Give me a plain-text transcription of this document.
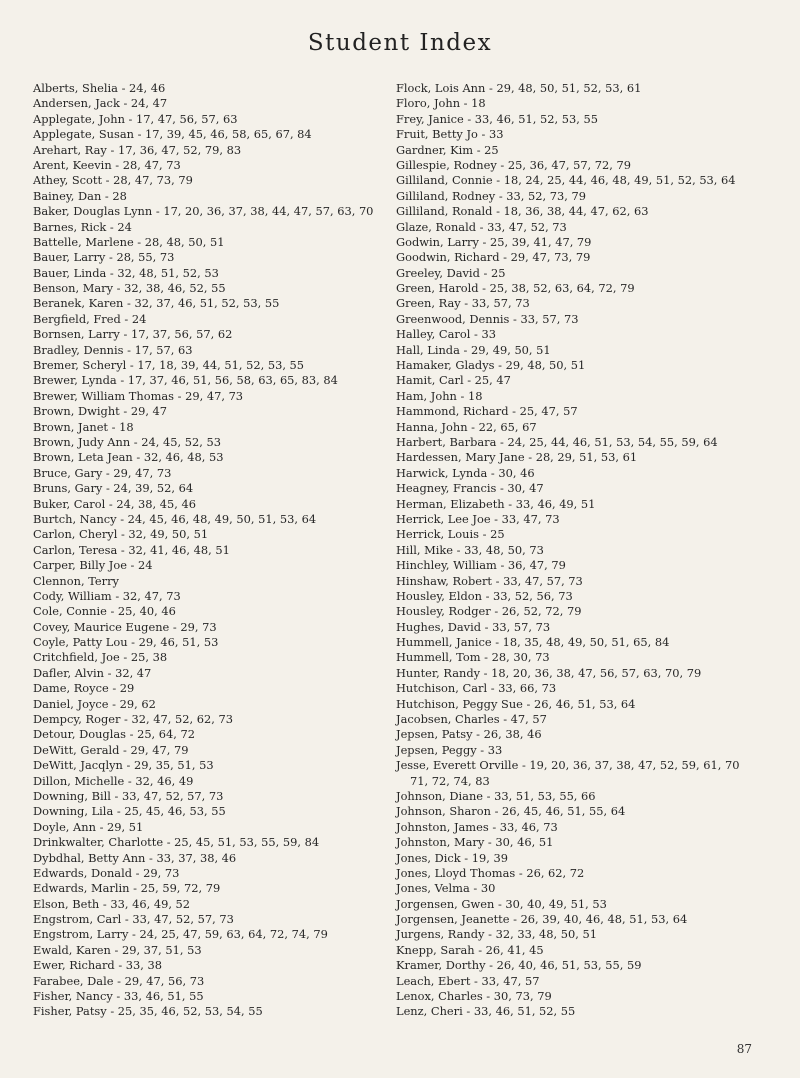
Student Index
Alberts, Shelia - 24, 46
Andersen, Jack - 24, 47
Applegate, John - 17, 47, 56, 57, 63
Applegate, Susan - 17, 39, 45, 46, 58, 65, 67, 84
Arehart, Ray - 17, 36, 47, 52, 79, 83
Arent, Keevin - 28, 47, 73
Athey, Scott - 28, 47, 73, 79
Bainey, Dan - 28
Baker, Douglas Lynn - 17, 20, 36, 37, 38, 44, 47, 57, 63, 70
Barnes, Rick - 24
Battelle, Marlene - 28, 48, 50, 51
Bauer, Larry - 28, 55, 73
Bauer, Linda - 32, 48, 51, 52, 53
Benson, Mary - 32, 38, 46, 52, 55
Beranek, Karen - 32, 37, 46, 51, 52, 53, 55
Bergfield, Fred - 24
Bornsen, Larry - 17, 37, 56, 57, 62
Bradley, Dennis - 17, 57, 63
Bremer, Scheryl - 17, 18, 39, 44, 51, 52, 53, 55
Brewer, Lynda - 17, 37, 46, 51, 56, 58, 63, 65, 83, 84
Brewer, William Thomas - 29, 47, 73
Brown, Dwight - 29, 47
Brown, Janet - 18
Brown, Judy Ann - 24, 45, 52, 53
Brown, Leta Jean - 32, 46, 48, 53
Bruce, Gary - 29, 47, 73
Bruns, Gary - 24, 39, 52, 64
Buker, Carol - 24, 38, 45, 46
Burtch, Nancy - 24, 45, 46, 48, 49, 50, 51, 53, 64
Carlon, Cheryl - 32, 49, 50, 51
Carlon, Teresa - 32, 41, 46, 48, 51
Carper, Billy Joe - 24
Clennon, Terry
Cody, William - 32, 47, 73
Cole, Connie - 25, 40, 46
Covey, Maurice Eugene - 29, 73
Coyle, Patty Lou - 29, 46, 51, 53
Critchfield, Joe - 25, 38
Dafler, Alvin - 32, 47
Dame, Royce - 29
Daniel, Joyce - 29, 62
Dempcy, Roger - 32, 47, 52, 62, 73
Detour, Douglas - 25, 64, 72
DeWitt, Gerald - 29, 47, 79
DeWitt, Jacqlyn - 29, 35, 51, 53
Dillon, Michelle - 32, 46, 49
Downing, Bill - 33, 47, 52, 57, 73
Downing, Lila - 25, 45, 46, 53, 55
Doyle, Ann - 29, 51
Drinkwalter, Charlotte - 25, 45, 51, 53, 55, 59, 84
Dybdhal, Betty Ann - 33, 37, 38, 46
Edwards, Donald - 29, 73
Edwards, Marlin - 25, 59, 72, 79
Elson, Beth - 33, 46, 49, 52
Engstrom, Carl - 33, 47, 52, 57, 73
Engstrom, Larry - 24, 25, 47, 59, 63, 64, 72, 74, 79
Ewald, Karen - 29, 37, 51, 53
Ewer, Richard - 33, 38
Farabee, Dale - 29, 47, 56, 73
Fisher, Nancy - 33, 46, 51, 55
Fisher, Patsy - 25, 35, 46, 52, 53, 54, 55
Flock, Lois Ann - 29, 48, 50, 51, 52, 53, 61
Floro, John - 18
Frey, Janice - 33, 46, 51, 52, 53, 55
Fruit, Betty Jo - 33
Gardner, Kim - 25
Gillespie, Rodney - 25, 36, 47, 57, 72, 79
Gilliland, Connie - 18, 24, 25, 44, 46, 48, 49, 51, 52, 53, 64
Gilliland, Rodney - 33, 52, 73, 79
Gilliland, Ronald - 18, 36, 38, 44, 47, 62, 63
Glaze, Ronald - 33, 47, 52, 73
Godwin, Larry - 25, 39, 41, 47, 79
Goodwin, Richard - 29, 47, 73, 79
Greeley, David - 25
Green, Harold - 25, 38, 52, 63, 64, 72, 79
Green, Ray - 33, 57, 73
Greenwood, Dennis - 33, 57, 73
Halley, Carol - 33
Hall, Linda - 29, 49, 50, 51
Hamaker, Gladys - 29, 48, 50, 51
Hamit, Carl - 25, 47
Ham, John - 18
Hammond, Richard - 25, 47, 57
Hanna, John - 22, 65, 67
Harbert, Barbara - 24, 25, 44, 46, 51, 53, 54, 55, 59, 64
Hardessen, Mary Jane - 28, 29, 51, 53, 61
Harwick, Lynda - 30, 46
Heagney, Francis - 30, 47
Herman, Elizabeth - 33, 46, 49, 51
Herrick, Lee Joe - 33, 47, 73
Herrick, Louis - 25
Hill, Mike - 33, 48, 50, 73
Hinchley, William - 36, 47, 79
Hinshaw, Robert - 33, 47, 57, 73
Housley, Eldon - 33, 52, 56, 73
Housley, Rodger - 26, 52, 72, 79
Hughes, David - 33, 57, 73
Hummell, Janice - 18, 35, 48, 49, 50, 51, 65, 84
Hummell, Tom - 28, 30, 73
Hunter, Randy - 18, 20, 36, 38, 47, 56, 57, 63, 70, 79
Hutchison, Carl - 33, 66, 73
Hutchison, Peggy Sue - 26, 46, 51, 53, 64
Jacobsen, Charles - 47, 57
Jepsen, Patsy - 26, 38, 46
Jepsen, Peggy - 33
Jesse, Everett Orville - 19, 20, 36, 37, 38, 47, 52, 59, 61, 70
71, 72, 74, 83
Johnson, Diane - 33, 51, 53, 55, 66
Johnson, Sharon - 26, 45, 46, 51, 55, 64
Johnston, James - 33, 46, 73
Johnston, Mary - 30, 46, 51
Jones, Dick - 19, 39
Jones, Lloyd Thomas - 26, 62, 72
Jones, Velma - 30
Jorgensen, Gwen - 30, 40, 49, 51, 53
Jorgensen, Jeanette - 26, 39, 40, 46, 48, 51, 53, 64
Jurgens, Randy - 32, 33, 48, 50, 51
Knepp, Sarah - 26, 41, 45
Kramer, Dorthy - 26, 40, 46, 51, 53, 55, 59
Leach, Ebert - 33, 47, 57
Lenox, Charles - 30, 73, 79
Lenz, Cheri - 33, 46, 51, 52, 55
87
